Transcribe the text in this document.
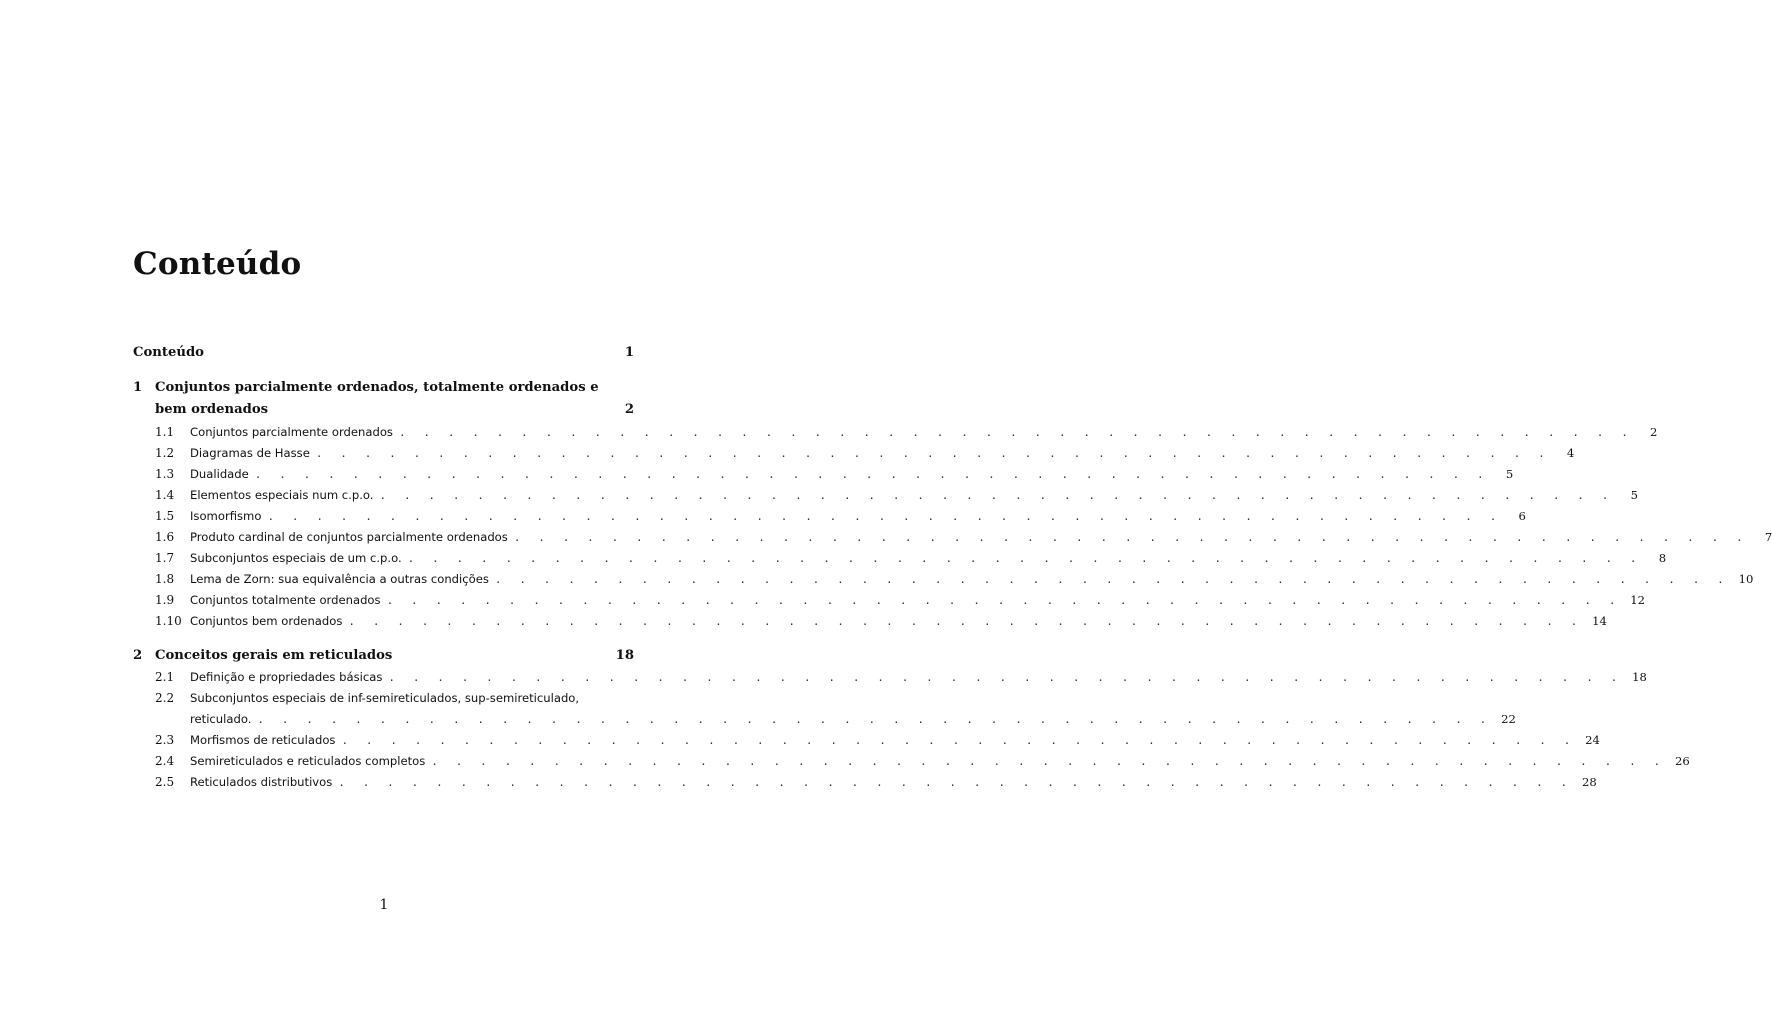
Conteúdo
Conteúdo	1
1 Conjuntos parcialmente ordenados, totalmente ordenados e
bem ordenados	2
1.1	Conjuntos parcialmente ordenados . . . . . . . . . . . . . . . . . . . . . . . . . . . . . . . . . . . . . . . . . . . . . . . . . . .	2
1.2	Diagramas de Hasse . . . . . . . . . . . . . . . . . . . . . . . . . . . . . . . . . . . . . . . . . . . . . . . . . . .	4
1.3	Dualidade . . . . . . . . . . . . . . . . . . . . . . . . . . . . . . . . . . . . . . . . . . . . . . . . . . .	5
1.4	Elementos especiais num c.p.o. . . . . . . . . . . . . . . . . . . . . . . . . . . . . . . . . . . . . . . . . . . . . . . . . . . .	5
1.5	Isomorfismo . . . . . . . . . . . . . . . . . . . . . . . . . . . . . . . . . . . . . . . . . . . . . . . . . . .	6
1.6	Produto cardinal de conjuntos parcialmente ordenados . . . . . . . . . . . . . . . . . . . . . . . . . . . . . . . . . . . . . . . . . . . . . . . . . . .	7
1.7	Subconjuntos especiais de um c.p.o. . . . . . . . . . . . . . . . . . . . . . . . . . . . . . . . . . . . . . . . . . . . . . . . . . . .	8
1.8	Lema de Zorn: sua equivalência a outras condições . . . . . . . . . . . . . . . . . . . . . . . . . . . . . . . . . . . . . . . . . . . . . . . . . . . 10
1.9	Conjuntos totalmente ordenados . . . . . . . . . . . . . . . . . . . . . . . . . . . . . . . . . . . . . . . . . . . . . . . . . . . 12
1.10 Conjuntos bem ordenados . . . . . . . . . . . . . . . . . . . . . . . . . . . . . . . . . . . . . . . . . . . . . . . . . . . 14
2 Conceitos gerais em reticulados	18
2.1	Definição e propriedades básicas . . . . . . . . . . . . . . . . . . . . . . . . . . . . . . . . . . . . . . . . . . . . . . . . . . . 18
2.2	Subconjuntos especiais de inf-semireticulados, sup-semireticulado,
reticulado. . . . . . . . . . . . . . . . . . . . . . . . . . . . . . . . . . . . . . . . . . . . . . . . . . . . 22
2.3	Morfismos de reticulados . . . . . . . . . . . . . . . . . . . . . . . . . . . . . . . . . . . . . . . . . . . . . . . . . . . 24
2.4	Semireticulados e reticulados completos . . . . . . . . . . . . . . . . . . . . . . . . . . . . . . . . . . . . . . . . . . . . . . . . . . . 26
2.5	Reticulados distributivos . . . . . . . . . . . . . . . . . . . . . . . . . . . . . . . . . . . . . . . . . . . . . . . . . . . 28
1
